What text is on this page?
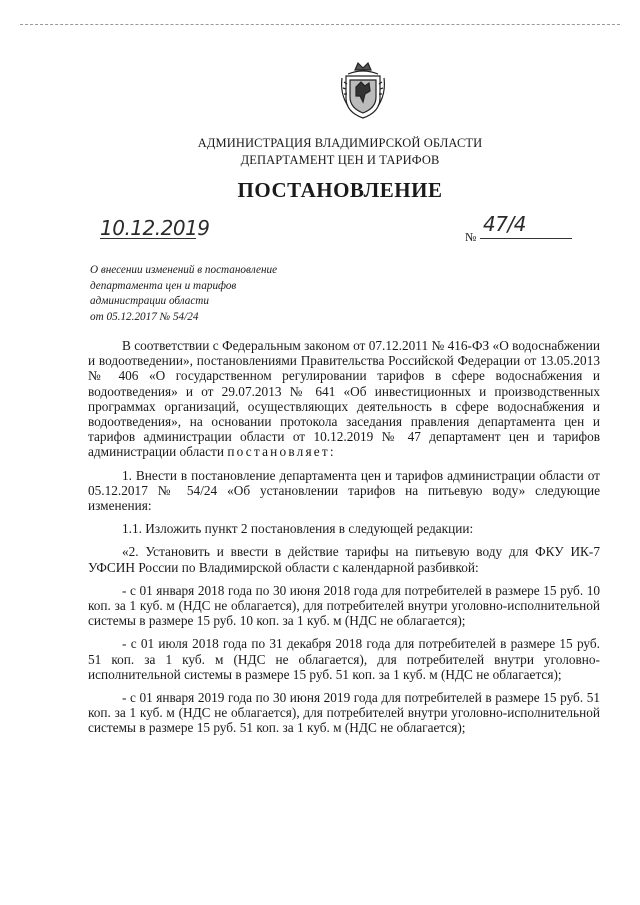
АДМИНИСТРАЦИЯ ВЛАДИМИРСКОЙ ОБЛАСТИ
ДЕПАРТАМЕНТ ЦЕН И ТАРИФОВ
ПОСТАНОВЛЕНИЕ
10.12.2019	№
47/4
О внесении изменений в постановление
департамента цен и тарифов
администрации области
от 05.12.2017 № 54/24

В соответствии с Федеральным законом от 07.12.2011 № 416-ФЗ «О водоснабжении и водоотведении», постановлениями Правительства Российской Федерации от 13.05.2013 № 406 «О государственном регулировании тарифов в сфере водоснабжения и водоотведения» и от 29.07.2013 № 641 «Об инвестиционных и производственных программах организаций, осуществляющих деятельность в сфере водоснабжения и водоотведения», на основании протокола заседания правления департамента цен и тарифов администрации области от 10.12.2019 № 47 департамент цен и тарифов администрации области постановляет:

1. Внести в постановление департамента цен и тарифов администрации области от 05.12.2017 № 54/24 «Об установлении тарифов на питьевую воду» следующие изменения:

1.1. Изложить пункт 2 постановления в следующей редакции:

«2. Установить и ввести в действие тарифы на питьевую воду для ФКУ ИК-7 УФСИН России по Владимирской области с календарной разбивкой:

- с 01 января 2018 года по 30 июня 2018 года для потребителей в размере 15 руб. 10 коп. за 1 куб. м (НДС не облагается), для потребителей внутри уголовно-исполнительной системы в размере 15 руб. 10 коп. за 1 куб. м (НДС не облагается);

- с 01 июля 2018 года по 31 декабря 2018 года для потребителей в размере 15 руб. 51 коп. за 1 куб. м (НДС не облагается), для потребителей внутри уголовно-исполнительной системы в размере 15 руб. 51 коп. за 1 куб. м (НДС не облагается);

- с 01 января 2019 года по 30 июня 2019 года для потребителей в размере 15 руб. 51 коп. за 1 куб. м (НДС не облагается), для потребителей внутри уголовно-исполнительной системы в размере 15 руб. 51 коп. за 1 куб. м (НДС не облагается);
